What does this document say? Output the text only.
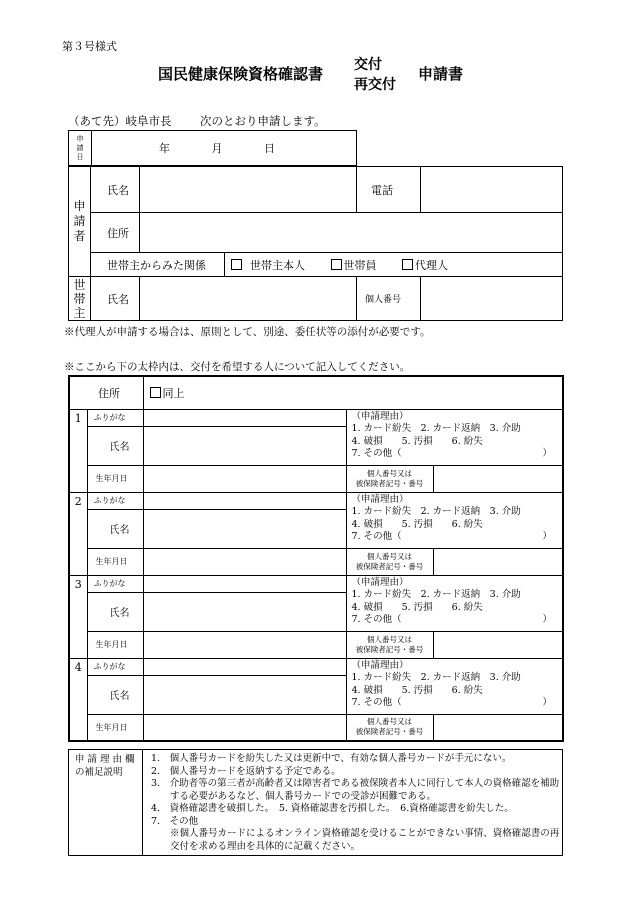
第３号様式
国民健康保険資格確認書 交付
再交付
申請書
（あて先）岐阜市長 次のとおり申請します。
申請日
	年	月	日
申請者	氏名			電話	
	住所				
	世帯主からみた関係		世帯主本人 世帯員 代理人		

世帯主	氏名			個人番号	
※代理人が申請する場合は、原則として、別途、委任状等の添付が必要です。
※ここから下の太枠内は、交付を希望する人について記入してください。
住所		同上		
1	ふりがな		（申請理由）
1. カード紛失　2. カード返納　3. 介助
4. 破損　　5. 汚損　　6. 紛失
7. その他（ ）	

	氏名			
	生年月日		個人番号又は
被保険者記号・番号	

2	ふりがな		（申請理由）
1. カード紛失　2. カード返納　3. 介助
4. 破損　　5. 汚損　　6. 紛失
7. その他（ ）	

	氏名			
	生年月日		個人番号又は
被保険者記号・番号	

3	ふりがな		（申請理由）
1. カード紛失　2. カード返納　3. 介助
4. 破損　　5. 汚損　　6. 紛失
7. その他（ ）	

	氏名			
	生年月日		個人番号又は
被保険者記号・番号	

4	ふりがな		（申請理由）
1. カード紛失　2. カード返納　3. 介助
4. 破損　　5. 汚損　　6. 紛失
7. その他（ ）	

	氏名			
	生年月日		個人番号又は
被保険者記号・番号	

申請理由欄
の補足説明

1.　個人番号カードを紛失した又は更新中で、有効な個人番号カードが手元にない。
2.　個人番号カードを返納する予定である。
3.　介助者等の第三者が高齢者又は障害者である被保険者本人に同行して本人の資格確認を補助
　　する必要があるなど、個人番号カードでの受診が困難である。
4.　資格確認書を破損した。　5. 資格確認書を汚損した。　6.資格確認書を紛失した。
7.　その他
　　※個人番号カードによるオンライン資格確認を受けることができない事情、資格確認書の再
　　交付を求める理由を具体的に記載ください。
